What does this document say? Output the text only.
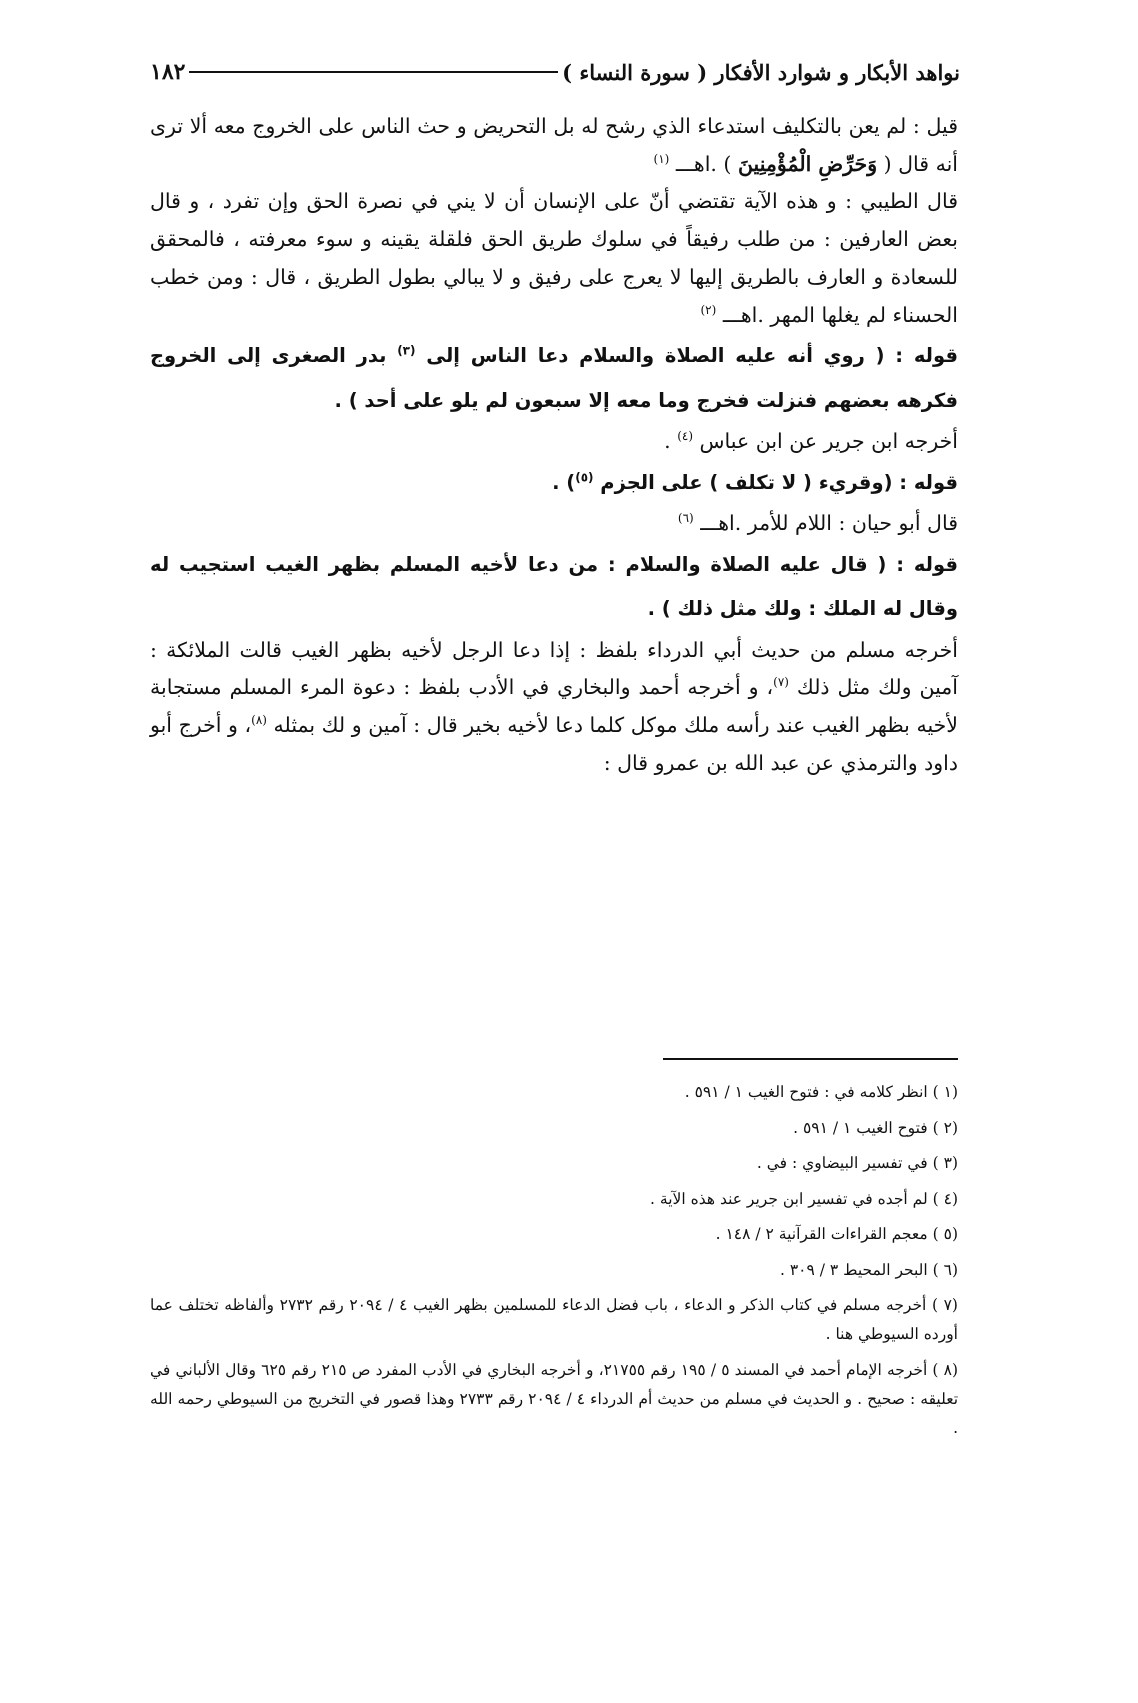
نواهد الأبكار و شوارد الأفكار ( سورة النساء )
١٨٢

قيل : لم يعن بالتكليف استدعاء الذي رشح له بل التحريض و حث الناس على الخروج معه ألا ترى أنه قال ( وَحَرِّضِ الْمُؤْمِنِينَ ) .اهـــ $^{(١)}$

قال الطيبي : و هذه الآية تقتضي أنّ على الإنسان أن لا يني في نصرة الحق وإن تفرد ، و قال بعض العارفين : من طلب رفيقاً في سلوك طريق الحق فلقلة يقينه و سوء معرفته ، فالمحقق للسعادة و العارف بالطريق إليها لا يعرج على رفيق و لا يبالي بطول الطريق ، قال : ومن خطب الحسناء لم يغلها المهر .اهـــ $^{(٢)}$

قوله : ( روي أنه عليه الصلاة والسلام دعا الناس إلى $^{(٣)}$ بدر الصغرى إلى الخروج فكرهه بعضهم فنزلت فخرج وما معه إلا سبعون لم يلو على أحد ) .

أخرجه ابن جرير عن ابن عباس $^{(٤)}$ .

قوله : (وقريء ( لا تكلف ) على الجزم $^{(٥)}$) .

قال أبو حيان : اللام للأمر .اهـــ $^{(٦)}$

قوله : ( قال عليه الصلاة والسلام : من دعا لأخيه المسلم بظهر الغيب استجيب له وقال له الملك : ولك مثل ذلك ) .

أخرجه مسلم من حديث أبي الدرداء بلفظ : إذا دعا الرجل لأخيه بظهر الغيب قالت الملائكة : آمين ولك مثل ذلك $^{(٧)}$، و أخرجه أحمد والبخاري في الأدب بلفظ : دعوة المرء المسلم مستجابة لأخيه بظهر الغيب عند رأسه ملك موكل كلما دعا لأخيه بخير قال : آمين و لك بمثله $^{(٨)}$، و أخرج أبو داود والترمذي عن عبد الله بن عمرو قال :

(١ ) انظر كلامه في : فتوح الغيب ١ / ٥٩١ .

(٢ ) فتوح الغيب ١ / ٥٩١ .

(٣ ) في تفسير البيضاوي : في .

(٤ ) لم أجده في تفسير ابن جرير عند هذه الآية .

(٥ ) معجم القراءات القرآنية ٢ / ١٤٨ .

(٦ ) البحر المحيط ٣ / ٣٠٩ .

(٧ ) أخرجه مسلم في كتاب الذكر و الدعاء ، باب فضل الدعاء للمسلمين بظهر الغيب ٤ / ٢٠٩٤ رقم ٢٧٣٢ وألفاظه تختلف عما أورده السيوطي هنا .

(٨ ) أخرجه الإمام أحمد في المسند ٥ / ١٩٥ رقم ٢١٧٥٥، و أخرجه البخاري في الأدب المفرد ص ٢١٥ رقم ٦٢٥ وقال الألباني في تعليقه : صحيح . و الحديث في مسلم من حديث أم الدرداء ٤ / ٢٠٩٤ رقم ٢٧٣٣ وهذا قصور في التخريج من السيوطي رحمه الله .
